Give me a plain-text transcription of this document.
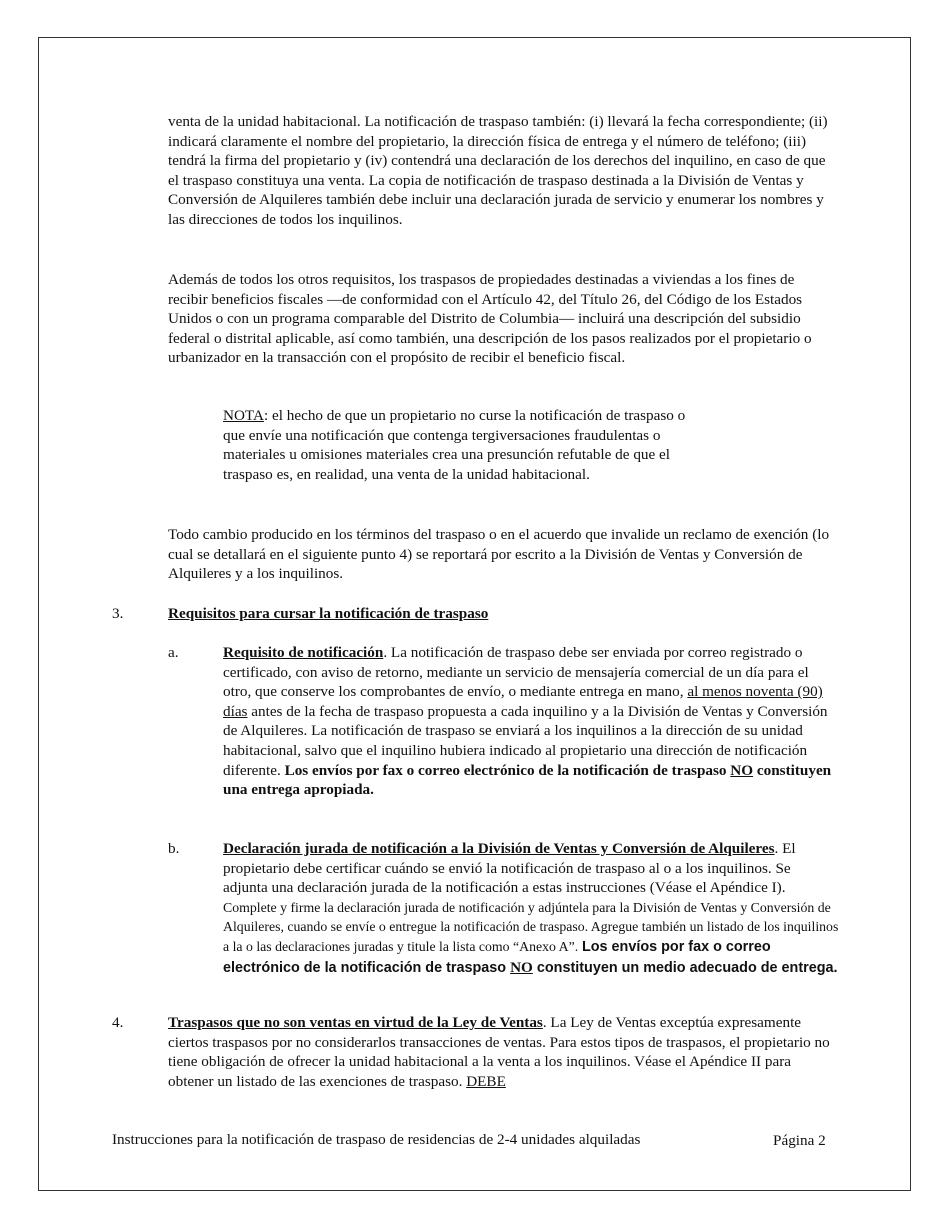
venta de la unidad habitacional. La notificación de traspaso también: (i) llevará la fecha correspondiente; (ii) indicará claramente el nombre del propietario, la dirección física de entrega y el número de teléfono; (iii) tendrá la firma del propietario y (iv) contendrá una declaración de los derechos del inquilino, en caso de que el traspaso constituya una venta. La copia de notificación de traspaso destinada a la División de Ventas y Conversión de Alquileres también debe incluir una declaración jurada de servicio y enumerar los nombres y las direcciones de todos los inquilinos.

Además de todos los otros requisitos, los traspasos de propiedades destinadas a viviendas a los fines de recibir beneficios fiscales —de conformidad con el Artículo 42, del Título 26, del Código de los Estados Unidos o con un programa comparable del Distrito de Columbia— incluirá una descripción del subsidio federal o distrital aplicable, así como también, una descripción de los pasos realizados por el propietario o urbanizador en la transacción con el propósito de recibir el beneficio fiscal.

NOTA: el hecho de que un propietario no curse la notificación de traspaso o que envíe una notificación que contenga tergiversaciones fraudulentas o materiales u omisiones materiales crea una presunción refutable de que el traspaso es, en realidad, una venta de la unidad habitacional.

Todo cambio producido en los términos del traspaso o en el acuerdo que invalide un reclamo de exención (lo cual se detallará en el siguiente punto 4) se reportará por escrito a la División de Ventas y Conversión de Alquileres y a los inquilinos.

3.	Requisitos para cursar la notificación de traspaso
a.	Requisito de notificación. La notificación de traspaso debe ser enviada por correo registrado o certificado, con aviso de retorno, mediante un servicio de mensajería comercial de un día para el otro, que conserve los comprobantes de envío, o mediante entrega en mano, al menos noventa (90) días antes de la fecha de traspaso propuesta a cada inquilino y a la División de Ventas y Conversión de Alquileres. La notificación de traspaso se enviará a los inquilinos a la dirección de su unidad habitacional, salvo que el inquilino hubiera indicado al propietario una dirección de notificación diferente. Los envíos por fax o correo electrónico de la notificación de traspaso NO constituyen una entrega apropiada.

b.	Declaración jurada de notificación a la División de Ventas y Conversión de Alquileres. El propietario debe certificar cuándo se envió la notificación de traspaso al o a los inquilinos. Se adjunta una declaración jurada de la notificación a estas instrucciones (Véase el Apéndice I). Complete y firme la declaración jurada de notificación y adjúntela para la División de Ventas y Conversión de Alquileres, cuando se envíe o entregue la notificación de traspaso. Agregue también un listado de los inquilinos a la o las declaraciones juradas y titule la lista como “Anexo A”. Los envíos por fax o correo electrónico de la notificación de traspaso NO constituyen un medio adecuado de entrega.

4.	Traspasos que no son ventas en virtud de la Ley de Ventas. La Ley de Ventas exceptúa expresamente ciertos traspasos por no considerarlos transacciones de ventas. Para estos tipos de traspasos, el propietario no tiene obligación de ofrecer la unidad habitacional a la venta a los inquilinos. Véase el Apéndice II para obtener un listado de las exenciones de traspaso. DEBE

Instrucciones para la notificación de traspaso de residencias de 2-4 unidades alquiladas	Página 2
